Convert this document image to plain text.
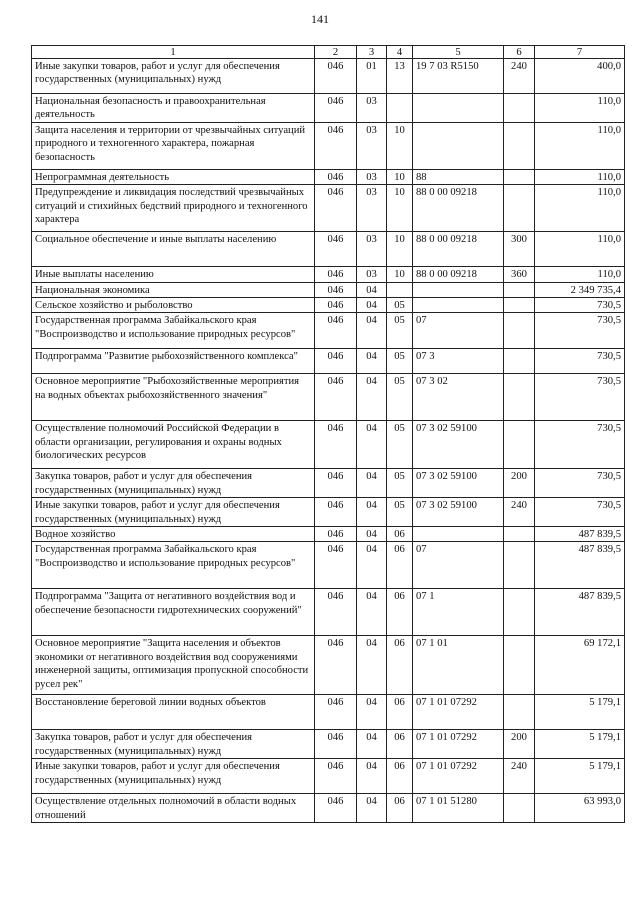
141
1	2	3	4	5	6	7
Иные закупки товаров, работ и услуг для обеспечения государственных (муниципальных) нужд	046	01	13	19 7 03 R5150	240	400,0
Национальная безопасность и правоохранительная деятельность	046	03				110,0
Защита населения и территории от чрезвычайных ситуаций природного и техногенного характера, пожарная безопасность	046	03	10			110,0
Непрограммная деятельность	046	03	10	88		110,0
Предупреждение и ликвидация последствий чрезвычайных ситуаций и стихийных бедствий природного и техногенного характера	046	03	10	88 0 00 09218		110,0
Социальное обеспечение и иные выплаты населению	046	03	10	88 0 00 09218	300	110,0
Иные выплаты населению	046	03	10	88 0 00 09218	360	110,0
Национальная экономика	046	04				2 349 735,4
Сельское хозяйство и рыболовство	046	04	05			730,5
Государственная программа Забайкальского края "Воспроизводство и использование природных ресурсов"	046	04	05	07		730,5
Подпрограмма "Развитие рыбохозяйственного комплекса"	046	04	05	07 3		730,5
Основное мероприятие "Рыбохозяйственные мероприятия на водных объектах рыбохозяйственного значения"	046	04	05	07 3 02		730,5
Осуществление полномочий Российской Федерации в области организации, регулирования и охраны водных биологических ресурсов	046	04	05	07 3 02 59100		730,5
Закупка товаров, работ и услуг для обеспечения государственных (муниципальных) нужд	046	04	05	07 3 02 59100	200	730,5
Иные закупки товаров, работ и услуг для обеспечения государственных (муниципальных) нужд	046	04	05	07 3 02 59100	240	730,5
Водное хозяйство	046	04	06			487 839,5
Государственная программа Забайкальского края "Воспроизводство и использование природных ресурсов"	046	04	06	07		487 839,5
Подпрограмма "Защита от негативного воздействия вод и обеспечение безопасности гидротехнических сооружений"	046	04	06	07 1		487 839,5
Основное мероприятие "Защита населения и объектов экономики от негативного воздействия вод сооружениями инженерной защиты, оптимизация пропускной способности русел рек"	046	04	06	07 1 01		69 172,1
Восстановление береговой линии водных объектов	046	04	06	07 1 01 07292		5 179,1
Закупка товаров, работ и услуг для обеспечения государственных (муниципальных) нужд	046	04	06	07 1 01 07292	200	5 179,1
Иные закупки товаров, работ и услуг для обеспечения государственных (муниципальных) нужд	046	04	06	07 1 01 07292	240	5 179,1
Осуществление отдельных полномочий в области водных отношений	046	04	06	07 1 01 51280		63 993,0
